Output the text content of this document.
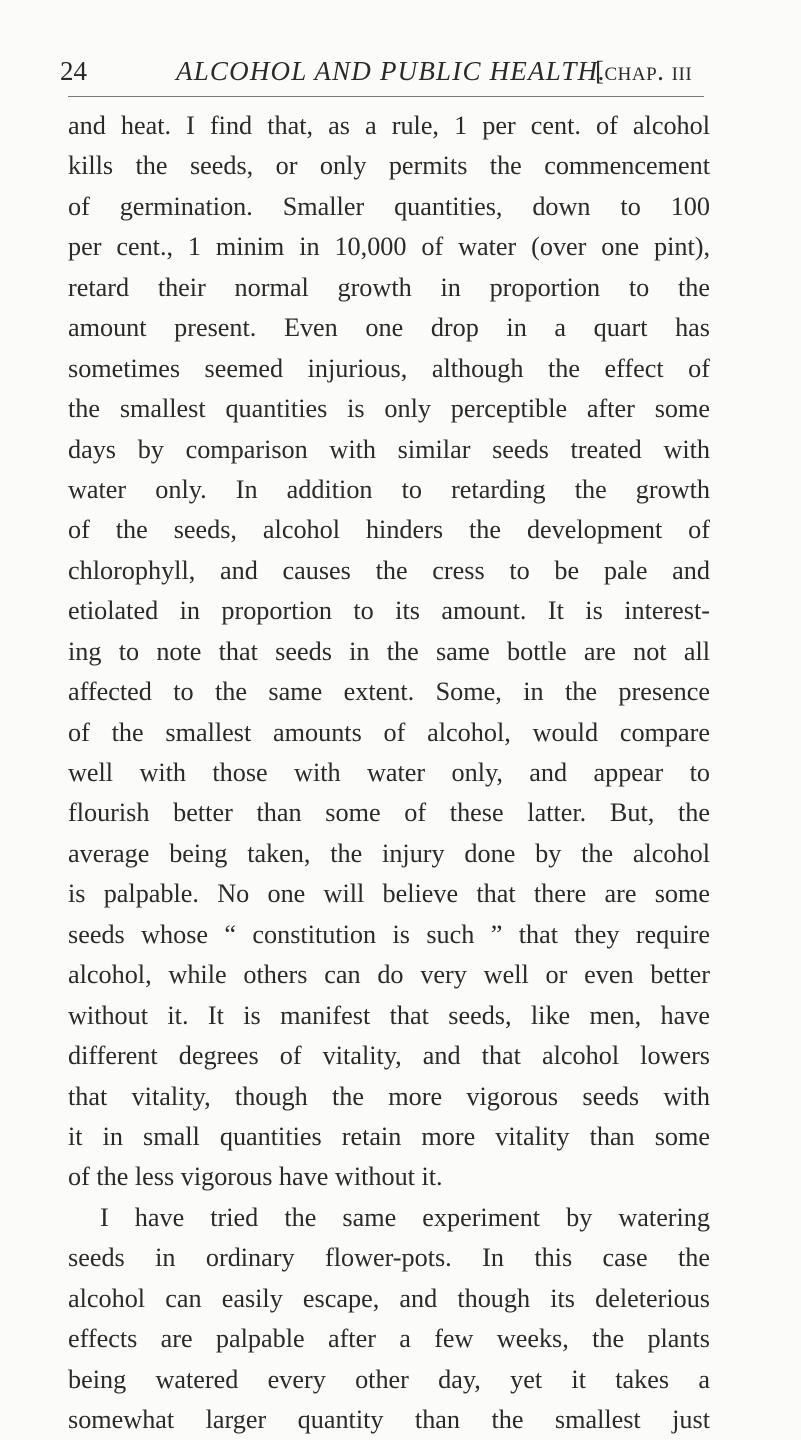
24	ALCOHOL AND PUBLIC HEALTH.
[chap. iii
and heat. I find that, as a rule, 1 per cent. of alcohol
kills the seeds, or only permits the commencement
of germination. Smaller quantities, down to 100
per cent., 1 minim in 10,000 of water (over one pint),
retard their normal growth in proportion to the
amount present. Even one drop in a quart has
sometimes seemed injurious, although the effect of
the smallest quantities is only perceptible after some
days by comparison with similar seeds treated with
water only. In addition to retarding the growth
of the seeds, alcohol hinders the development of
chlorophyll, and causes the cress to be pale and
etiolated in proportion to its amount. It is interest-
ing to note that seeds in the same bottle are not all
affected to the same extent. Some, in the presence
of the smallest amounts of alcohol, would compare
well with those with water only, and appear to
flourish better than some of these latter. But, the
average being taken, the injury done by the alcohol
is palpable. No one will believe that there are some
seeds whose “ constitution is such ” that they require
alcohol, while others can do very well or even better
without it. It is manifest that seeds, like men, have
different degrees of vitality, and that alcohol lowers
that vitality, though the more vigorous seeds with
it in small quantities retain more vitality than some
of the less vigorous have without it.
I have tried the same experiment by watering
seeds in ordinary flower-pots. In this case the
alcohol can easily escape, and though its deleterious
effects are palpable after a few weeks, the plants
being watered every other day, yet it takes a
somewhat larger quantity than the smallest just
